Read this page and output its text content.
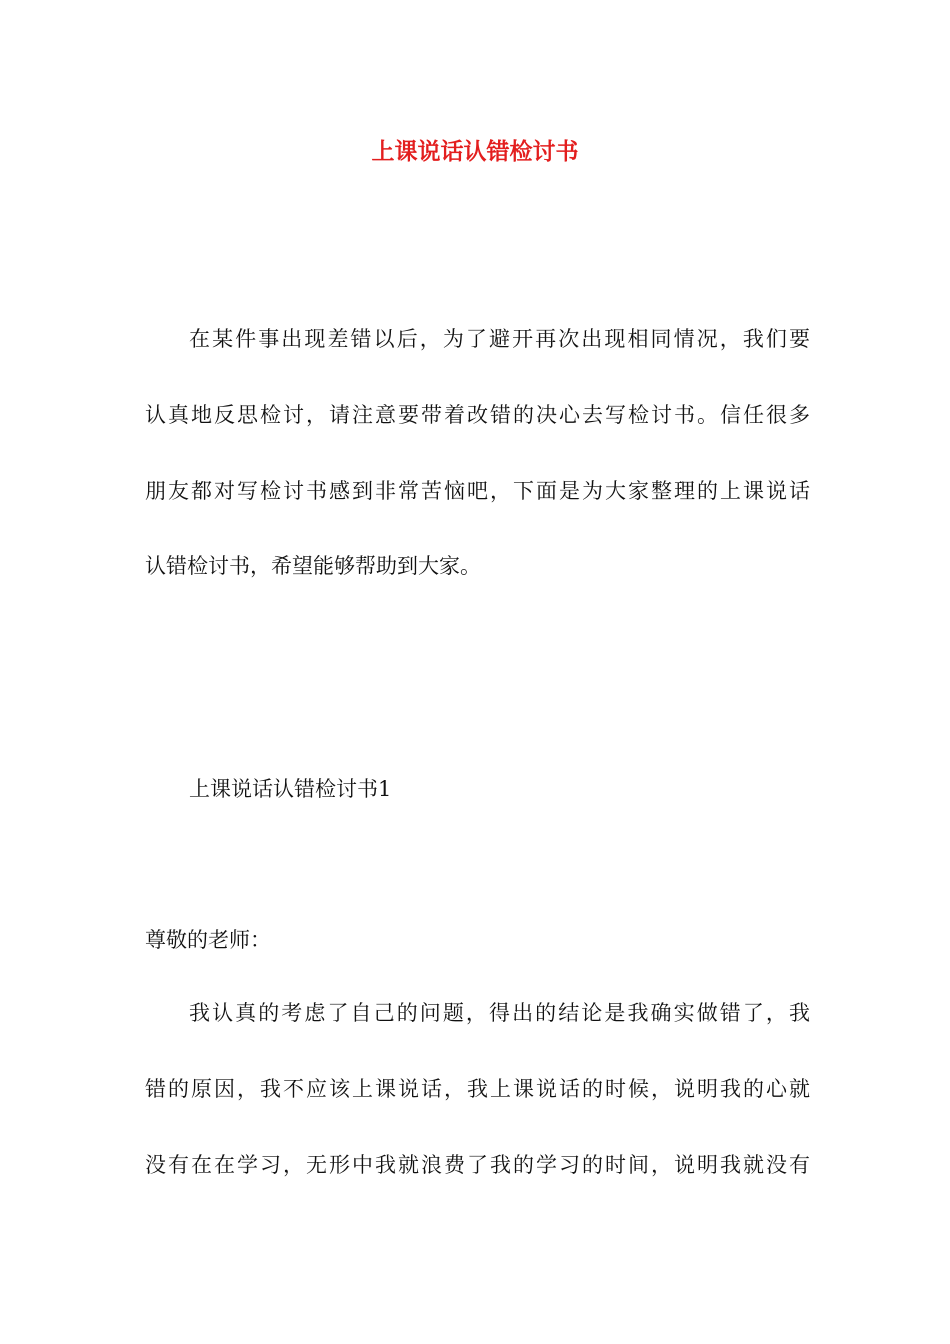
上课说话认错检讨书
在某件事出现差错以后，为了避开再次出现相同情况，我们要
认真地反思检讨，请注意要带着改错的决心去写检讨书。信任很多
朋友都对写检讨书感到非常苦恼吧，下面是为大家整理的上课说话
认错检讨书，希望能够帮助到大家。
上课说话认错检讨书1
尊敬的老师：
我认真的考虑了自己的问题，得出的结论是我确实做错了，我
错的原因，我不应该上课说话，我上课说话的时候，说明我的心就
没有在在学习，无形中我就浪费了我的学习的时间，说明我就没有
